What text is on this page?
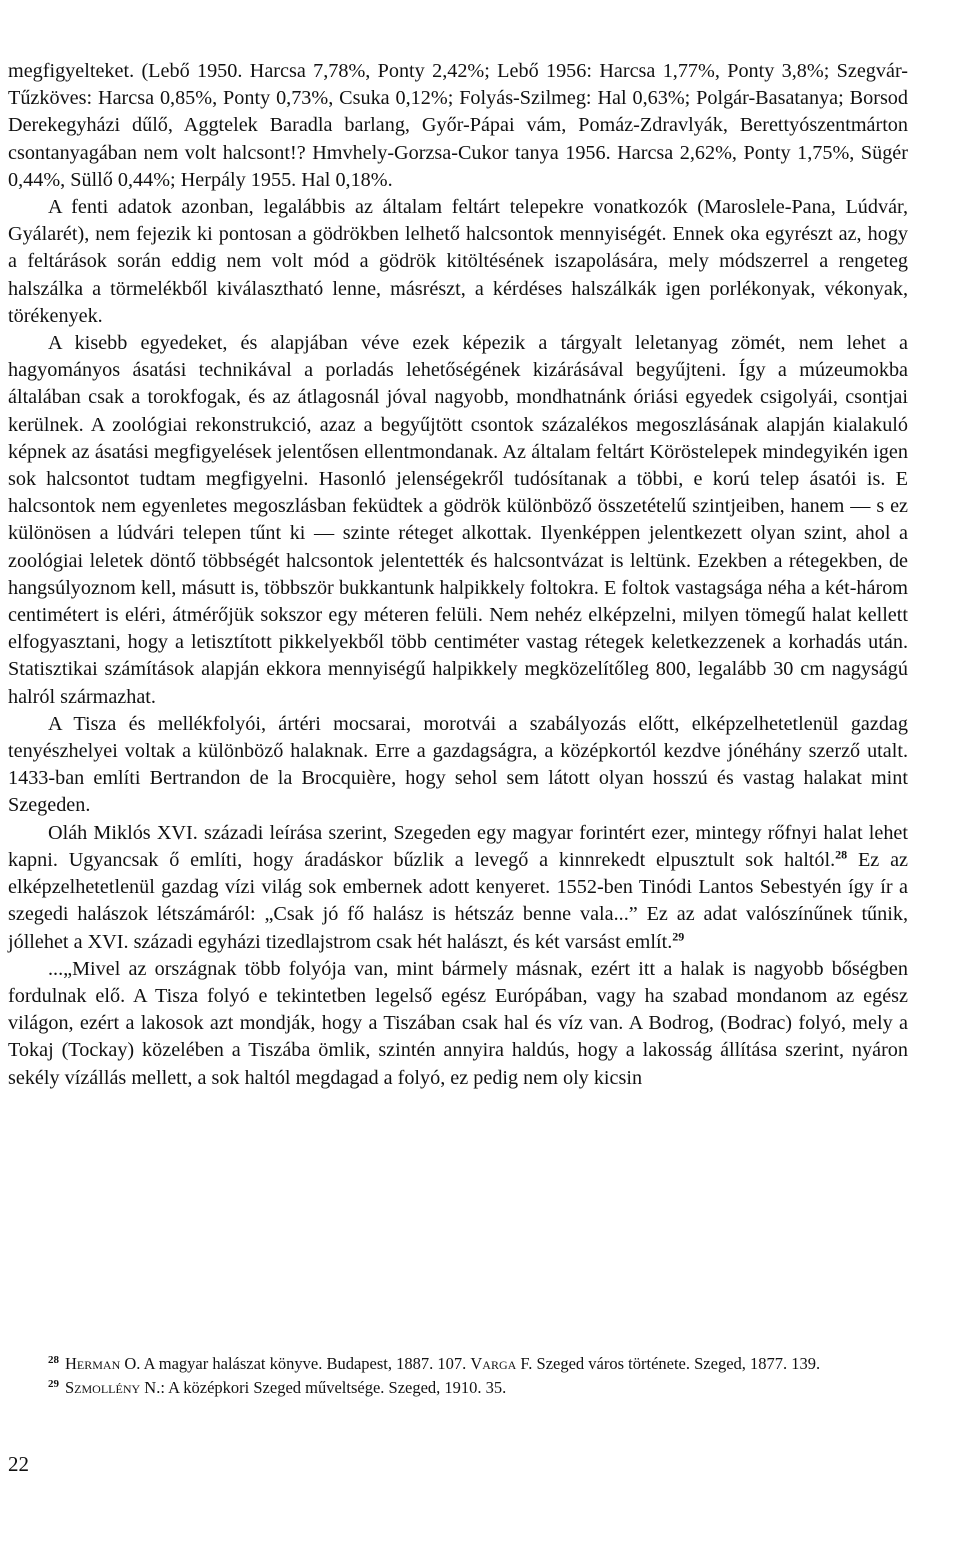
megfigyelteket. (Lebő 1950. Harcsa 7,78%, Ponty 2,42%; Lebő 1956: Harcsa 1,77%, Ponty 3,8%; Szegvár-Tűzköves: Harcsa 0,85%, Ponty 0,73%, Csuka 0,12%; Folyás-Szilmeg: Hal 0,63%; Polgár-Basatanya; Borsod Derekegyházi dűlő, Aggtelek Baradla barlang, Győr-Pápai vám, Pomáz-Zdravlyák, Berettyószentmárton csontanyagában nem volt halcsont!? Hmvhely-Gorzsa-Cukor tanya 1956. Harcsa 2,62%, Ponty 1,75%, Sügér 0,44%, Süllő 0,44%; Herpály 1955. Hal 0,18%.

A fenti adatok azonban, legalábbis az általam feltárt telepekre vonatkozók (Maroslele-Pana, Lúdvár, Gyálarét), nem fejezik ki pontosan a gödrökben lelhető halcsontok mennyiségét. Ennek oka egyrészt az, hogy a feltárások során eddig nem volt mód a gödrök kitöltésének iszapolására, mely módszerrel a rengeteg halszálka a törmelékből kiválasztható lenne, másrészt, a kérdéses halszálkák igen porlékonyak, vékonyak, törékenyek.

A kisebb egyedeket, és alapjában véve ezek képezik a tárgyalt leletanyag zömét, nem lehet a hagyományos ásatási technikával a porladás lehetőségének kizárásával begyűjteni. Így a múzeumokba általában csak a torokfogak, és az átlagosnál jóval nagyobb, mondhatnánk óriási egyedek csigolyái, csontjai kerülnek. A zoológiai rekonstrukció, azaz a begyűjtött csontok százalékos megoszlásának alapján kialakuló képnek az ásatási megfigyelések jelentősen ellentmondanak. Az általam feltárt Köröstelepek mindegyikén igen sok halcsontot tudtam megfigyelni. Hasonló jelenségekről tudósítanak a többi, e korú telep ásatói is. E halcsontok nem egyenletes megoszlásban feküdtek a gödrök különböző összetételű szintjeiben, hanem — s ez különösen a lúdvári telepen tűnt ki — szinte réteget alkottak. Ilyenképpen jelentkezett olyan szint, ahol a zoológiai leletek döntő többségét halcsontok jelentették és halcsontvázat is leltünk. Ezekben a rétegekben, de hangsúlyoznom kell, másutt is, többször bukkantunk halpikkely foltokra. E foltok vastagsága néha a két-három centimétert is eléri, átmérőjük sokszor egy méteren felüli. Nem nehéz elképzelni, milyen tömegű halat kellett elfogyasztani, hogy a letisztított pikkelyekből több centiméter vastag rétegek keletkezzenek a korhadás után. Statisztikai számítások alapján ekkora mennyiségű halpikkely megközelítőleg 800, legalább 30 cm nagyságú halról származhat.

A Tisza és mellékfolyói, ártéri mocsarai, morotvái a szabályozás előtt, elképzelhetetlenül gazdag tenyészhelyei voltak a különböző halaknak. Erre a gazdagságra, a középkortól kezdve jónéhány szerző utalt. 1433-ban említi Bertrandon de la Brocquière, hogy sehol sem látott olyan hosszú és vastag halakat mint Szegeden.

Oláh Miklós XVI. századi leírása szerint, Szegeden egy magyar forintért ezer, mintegy rőfnyi halat lehet kapni. Ugyancsak ő említi, hogy áradáskor bűzlik a levegő a kinnrekedt elpusztult sok haltól.$^{28}$ Ez az elképzelhetetlenül gazdag vízi világ sok embernek adott kenyeret. 1552-ben Tinódi Lantos Sebestyén így ír a szegedi halászok létszámáról: „Csak jó fő halász is hétszáz benne vala...” Ez az adat valószínűnek tűnik, jóllehet a XVI. századi egyházi tizedlajstrom csak hét halászt, és két varsást említ.$^{29}$

...„Mivel az országnak több folyója van, mint bármely másnak, ezért itt a halak is nagyobb bőségben fordulnak elő. A Tisza folyó e tekintetben legelső egész Európában, vagy ha szabad mondanom az egész világon, ezért a lakosok azt mondják, hogy a Tiszában csak hal és víz van. A Bodrog, (Bodrac) folyó, mely a Tokaj (Tockay) közelében a Tiszába ömlik, szintén annyira haldús, hogy a lakosság állítása szerint, nyáron sekély vízállás mellett, a sok haltól megdagad a folyó, ez pedig nem oly kicsin

$^{28}$ Herman O. A magyar halászat könyve. Budapest, 1887. 107. Varga F. Szeged város története. Szeged, 1877. 139.

$^{29}$ Szmollény N.: A középkori Szeged műveltsége. Szeged, 1910. 35.

22
